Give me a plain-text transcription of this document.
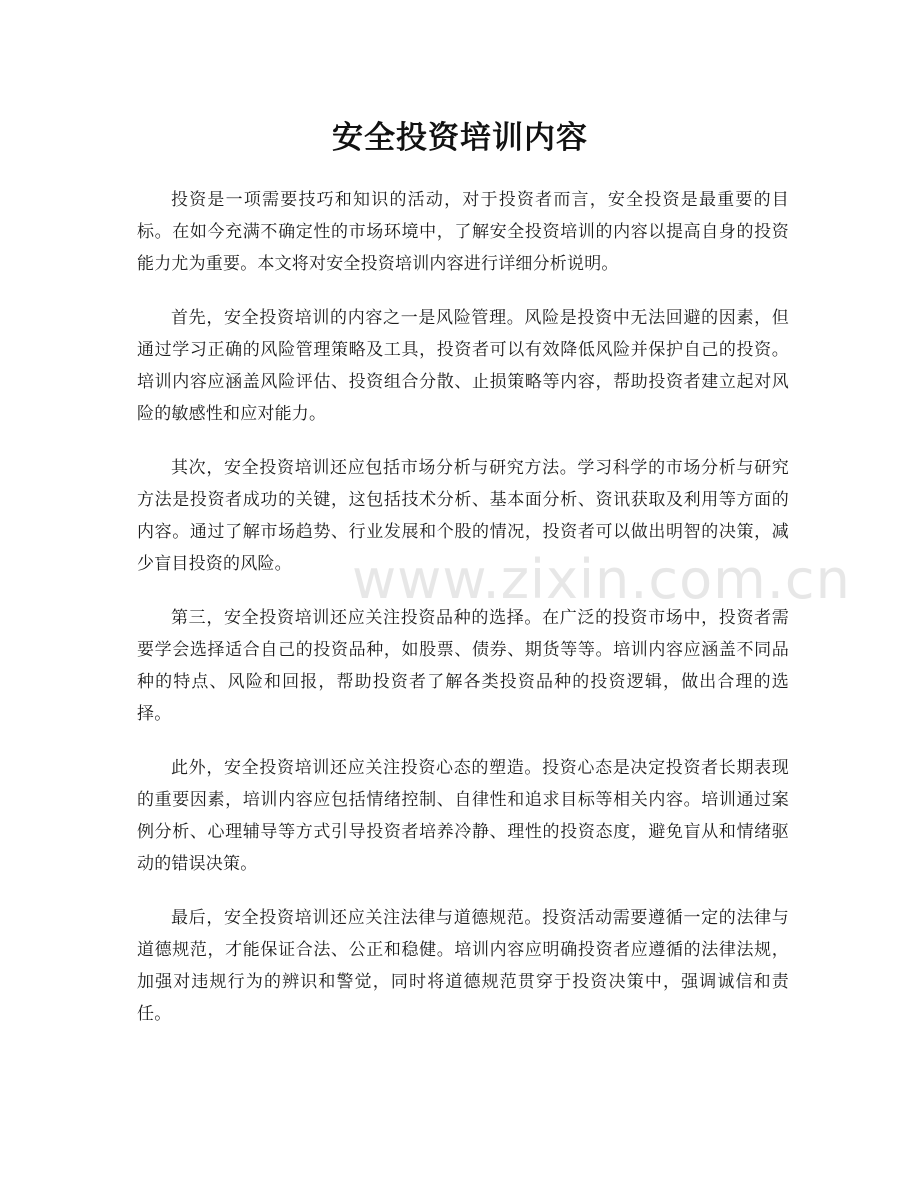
安全投资培训内容

投资是一项需要技巧和知识的活动，对于投资者而言，安全投资是最重要的目标。在如今充满不确定性的市场环境中，了解安全投资培训的内容以提高自身的投资能力尤为重要。本文将对安全投资培训内容进行详细分析说明。

首先，安全投资培训的内容之一是风险管理。风险是投资中无法回避的因素，但通过学习正确的风险管理策略及工具，投资者可以有效降低风险并保护自己的投资。培训内容应涵盖风险评估、投资组合分散、止损策略等内容，帮助投资者建立起对风险的敏感性和应对能力。

其次，安全投资培训还应包括市场分析与研究方法。学习科学的市场分析与研究方法是投资者成功的关键，这包括技术分析、基本面分析、资讯获取及利用等方面的内容。通过了解市场趋势、行业发展和个股的情况，投资者可以做出明智的决策，减少盲目投资的风险。

第三，安全投资培训还应关注投资品种的选择。在广泛的投资市场中，投资者需要学会选择适合自己的投资品种，如股票、债券、期货等等。培训内容应涵盖不同品种的特点、风险和回报，帮助投资者了解各类投资品种的投资逻辑，做出合理的选择。

此外，安全投资培训还应关注投资心态的塑造。投资心态是决定投资者长期表现的重要因素，培训内容应包括情绪控制、自律性和追求目标等相关内容。培训通过案例分析、心理辅导等方式引导投资者培养冷静、理性的投资态度，避免盲从和情绪驱动的错误决策。

最后，安全投资培训还应关注法律与道德规范。投资活动需要遵循一定的法律与道德规范，才能保证合法、公正和稳健。培训内容应明确投资者应遵循的法律法规，加强对违规行为的辨识和警觉，同时将道德规范贯穿于投资决策中，强调诚信和责任。

www.zixin.com.cn
